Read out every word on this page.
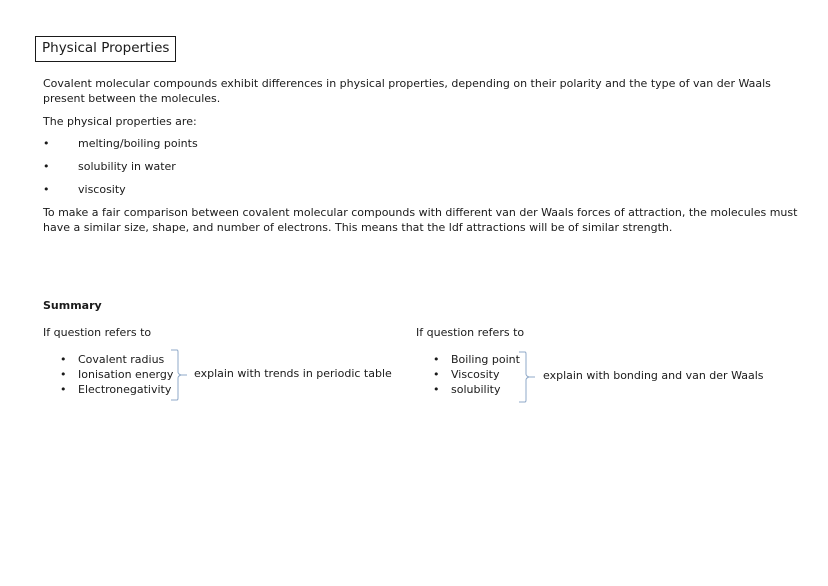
Physical Properties

Covalent molecular compounds exhibit differences in physical properties, depending on their polarity and the type of van der Waals present between the molecules.

The physical properties are:

•	melting/boiling points
•	solubility in water
•	viscosity

To make a fair comparison between covalent molecular compounds with different van der Waals forces of attraction, the molecules must have a similar size, shape, and number of electrons. This means that the ldf attractions will be of similar strength.

Summary
If question refers to
• Covalent radius
• Ionisation energy
• Electronegativity
explain with trends in periodic table
If question refers to
• Boiling point
• Viscosity
• solubility
explain with bonding and van der Waals
